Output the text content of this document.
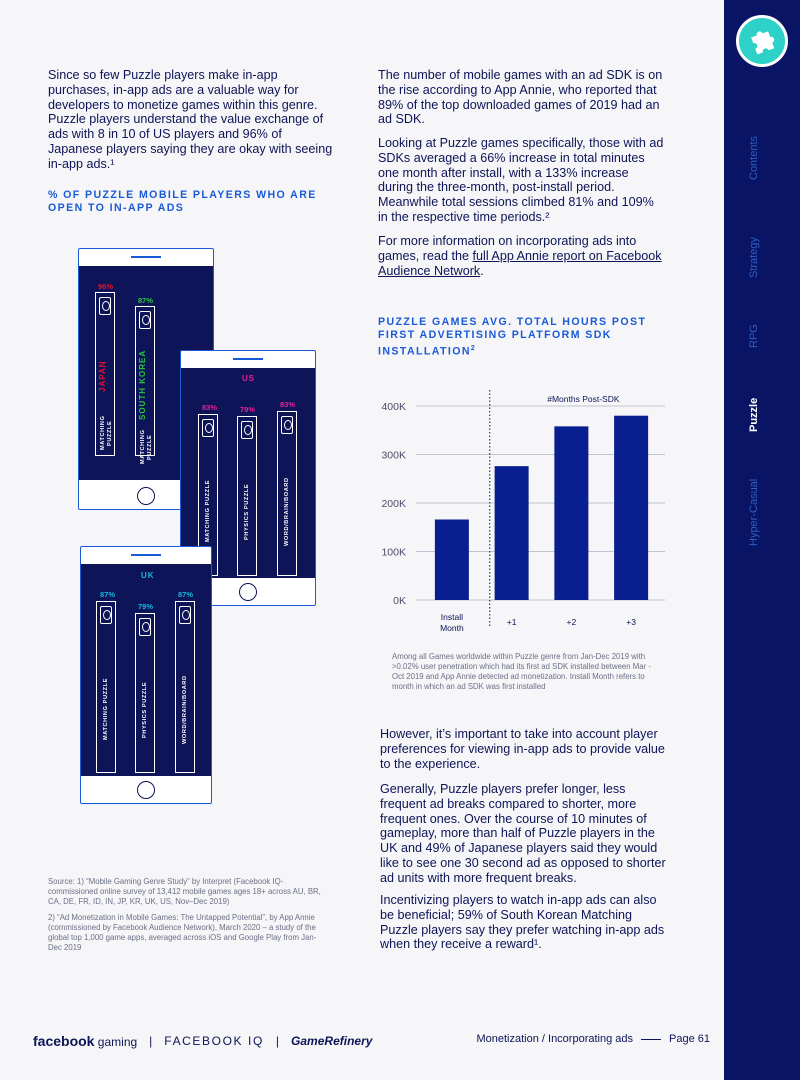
Contents
Strategy
RPG
Puzzle

Since so few Puzzle players make in-app purchases, in-app ads are a valuable way for developers to monetize games within this genre. Puzzle players understand the value exchange of ads with 8 in 10 of US players and 96% of Japanese players saying they are okay with seeing in-app ads.¹

% OF PUZZLE MOBILE PLAYERS WHO ARE OPEN TO IN-APP ADS
96%
87%
JAPAN	SOUTH KOREA
MATCHING PUZZLE	MATCHING PUZZLE
US
83%	79%
83%
MATCHING PUZZLE	PHYSICS PUZZLE	WORD/BRAIN/BOARD
UK
87%
79%
87%
MATCHING PUZZLE	PHYSICS PUZZLE	WORD/BRAIN/BOARD

Source: 1) “Mobile Gaming Genre Study” by Interpret (Facebook IQ-commissioned online survey of 13,412 mobile games ages 18+ across AU, BR, CA, DE, FR, ID, IN, JP, KR, UK, US, Nov–Dec 2019)

2) “Ad Monetization in Mobile Games: The Untapped Potential”, by App Annie (commissioned by Facebook Audience Network), March 2020 – a study of the global top 1,000 game apps, averaged across iOS and Google Play from Jan-Dec 2019

The number of mobile games with an ad SDK is on the rise according to App Annie, who reported that 89% of the top downloaded games of 2019 had an ad SDK.

Looking at Puzzle games specifically, those with ad SDKs averaged a 66% increase in total minutes one month after install, with a 133% increase during the three-month, post-install period. Meanwhile total sessions climbed 81% and 109% in the respective time periods.²

For more information on incorporating ads into games, read the full App Annie report on Facebook Audience Network.

PUZZLE GAMES AVG. TOTAL HOURS POST FIRST ADVERTISING PLATFORM SDK INSTALLATION$^2$
0K
100K
200K
300K
400K
#Months Post-SDK
Install
Month
+1	+2	+3

Among all Games worldwide within Puzzle genre from Jan-Dec 2019 with >0.02% user penetration which had its first ad SDK installed between Mar - Oct 2019 and App Annie detected ad monetization. Install Month refers to month in which an ad SDK was first installed

However, it’s important to take into account player preferences for viewing in-app ads to provide value to the experience.

Generally, Puzzle players prefer longer, less frequent ad breaks compared to shorter, more frequent ones. Over the course of 10 minutes of gameplay, more than half of Puzzle players in the UK and 49% of Japanese players said they would like to see one 30 second ad as opposed to shorter ad units with more frequent breaks.

Incentivizing players to watch in-app ads can also be beneficial; 59% of South Korean Matching Puzzle players say they prefer watching in-app ads when they receive a reward¹.

facebook gaming | FACEBOOK IQ | GameRefinery	Monetization / Incorporating ads	Page 61
